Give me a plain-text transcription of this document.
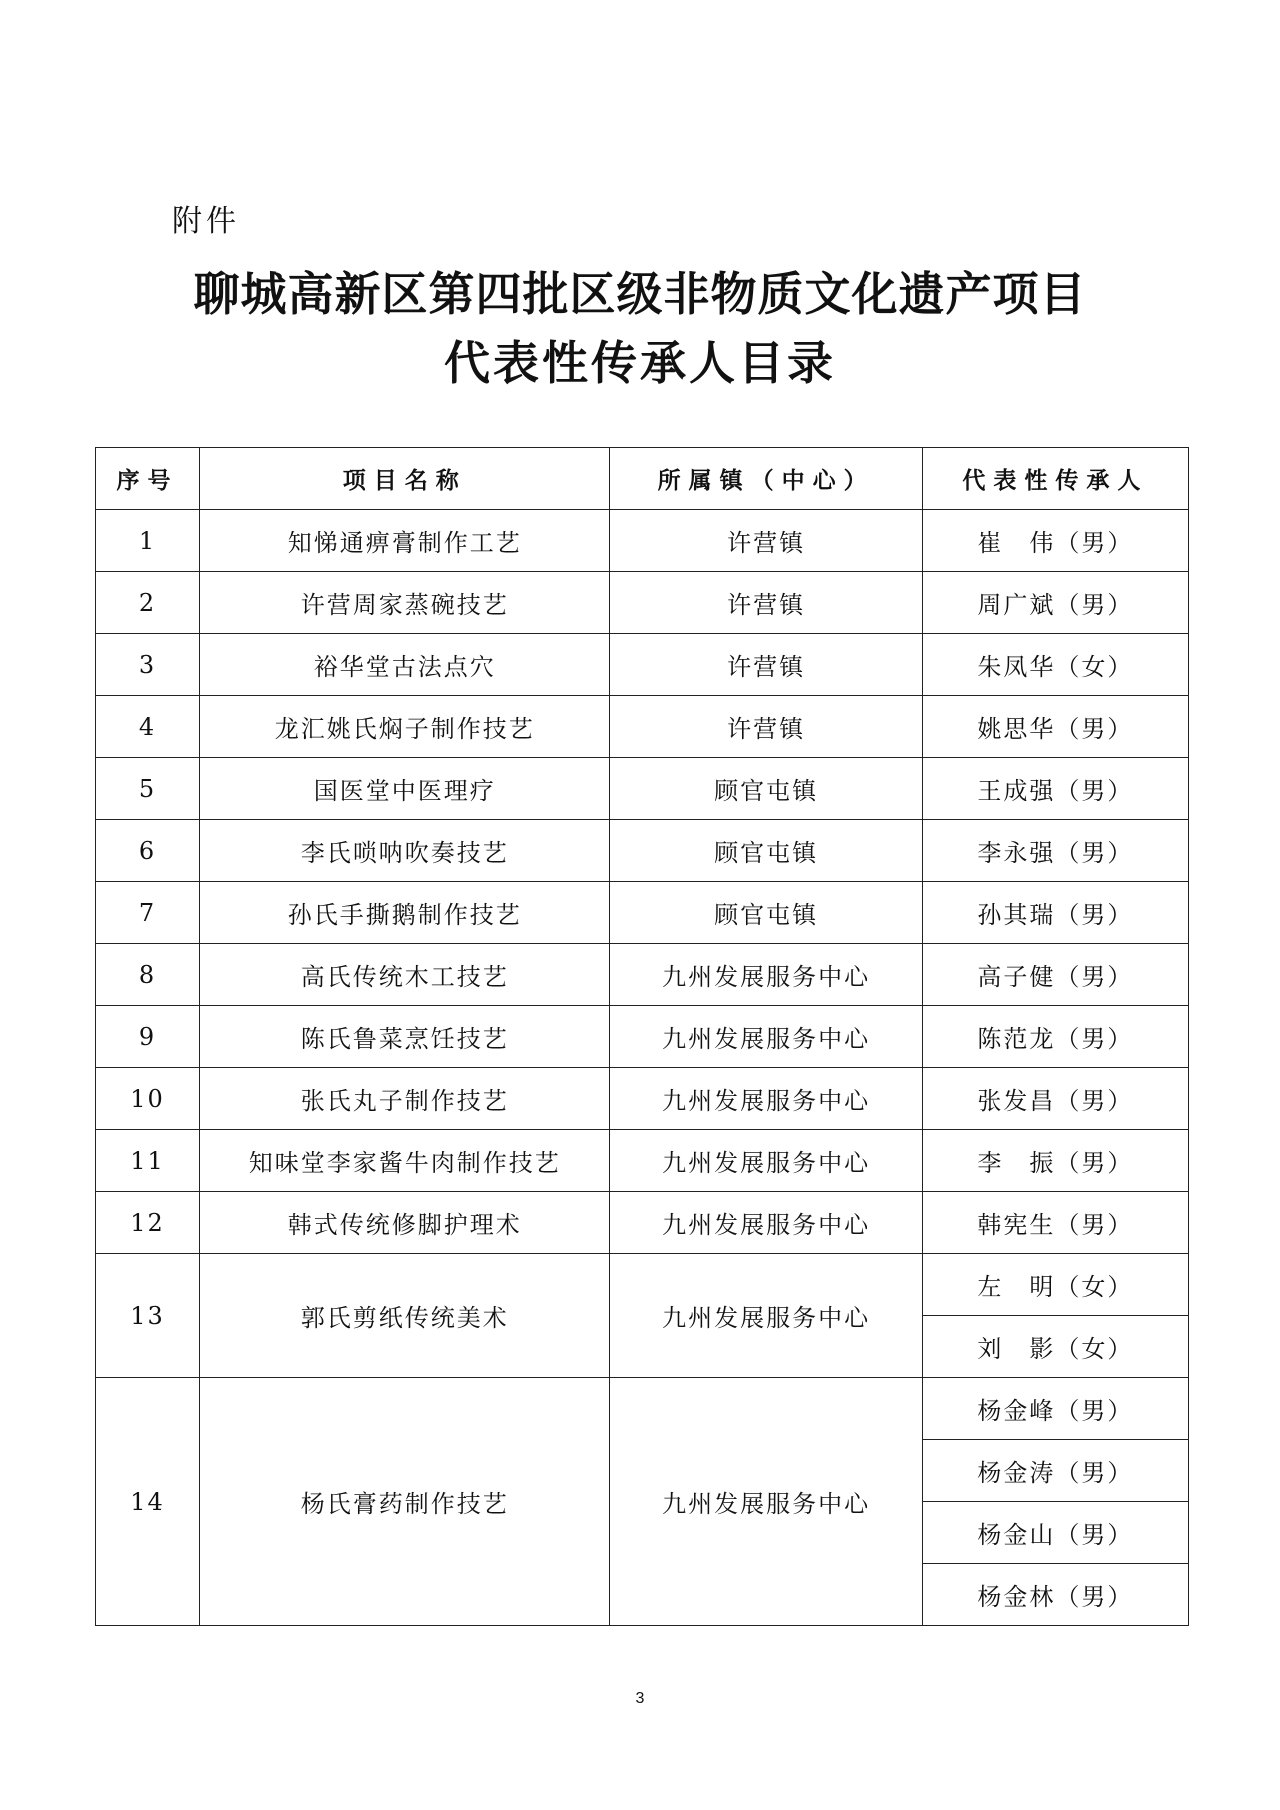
附件
聊城高新区第四批区级非物质文化遗产项目
代表性传承人目录
序号	项目名称	所属镇（中心）	代表性传承人
1	知悌通痹膏制作工艺	许营镇	崔　伟（男）
2	许营周家蒸碗技艺	许营镇	周广斌（男）
3	裕华堂古法点穴	许营镇	朱凤华（女）
4	龙汇姚氏焖子制作技艺	许营镇	姚思华（男）
5	国医堂中医理疗	顾官屯镇	王成强（男）
6	李氏唢呐吹奏技艺	顾官屯镇	李永强（男）
7	孙氏手撕鹅制作技艺	顾官屯镇	孙其瑞（男）
8	高氏传统木工技艺	九州发展服务中心	高子健（男）
9	陈氏鲁菜烹饪技艺	九州发展服务中心	陈范龙（男）
10	张氏丸子制作技艺	九州发展服务中心	张发昌（男）
11	知味堂李家酱牛肉制作技艺	九州发展服务中心	李　振（男）
12	韩式传统修脚护理术	九州发展服务中心	韩宪生（男）
13	郭氏剪纸传统美术	九州发展服务中心	左　明（女）
			刘　影（女）
14	杨氏膏药制作技艺	九州发展服务中心	杨金峰（男）
			杨金涛（男）
			杨金山（男）
			杨金林（男）
3
